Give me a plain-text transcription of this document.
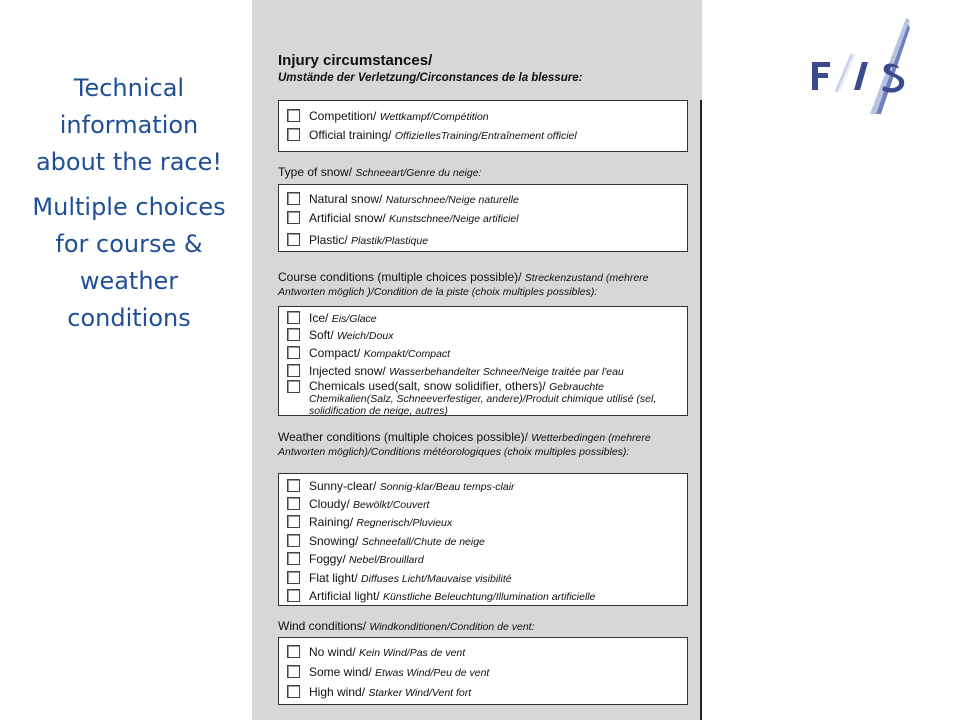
Technical information about the race!

Multiple choices for course & weather conditions

Injury circumstances/
Umstände der Verletzung/Circonstances de la blessure:
Competition/ Wettkampf/Compétition
Official training/ OffizieIlesTraining/Entraînement officiel
Type of snow/ Schneeart/Genre du neige:
Natural snow/ Naturschnee/Neige naturelle
Artificial snow/ Kunstschnee/Neige artificiel
Plastic/ Plastik/Plastique
Course conditions (multiple choices possible)/ Streckenzustand (mehrere Antworten möglich )/Condition de la piste (choix multiples possibles):
Ice/ Eis/Glace
Soft/ Weich/Doux
Compact/ Kompakt/Compact
Injected snow/ Wasserbehandelter Schnee/Neige traitée par l'eau
Chemicals used(salt, snow solidifier, others)/ Gebrauchte Chemikalien(Salz, Schneeverfestiger, andere)/Produit chimique utilisé (sel, solidification de neige, autres)
Weather conditions (multiple choices possible)/ Wetterbedingen (mehrere Antworten möglich)/Conditions météorologiques (choix multiples possibles):
Sunny-clear/ Sonnig-klar/Beau temps-clair
Cloudy/ Bewölkt/Couvert
Raining/ Regnerisch/Pluvieux
Snowing/ Schneefall/Chute de neige
Foggy/ Nebel/Brouillard
Flat light/ Diffuses Licht/Mauvaise visibilité
Artificial light/ Künstliche Beleuchtung/Illumination artificielle
Wind conditions/ Windkonditionen/Condition de vent:
No wind/ Kein Wind/Pas de vent
Some wind/ Etwas Wind/Peu de vent
High wind/ Starker Wind/Vent fort
